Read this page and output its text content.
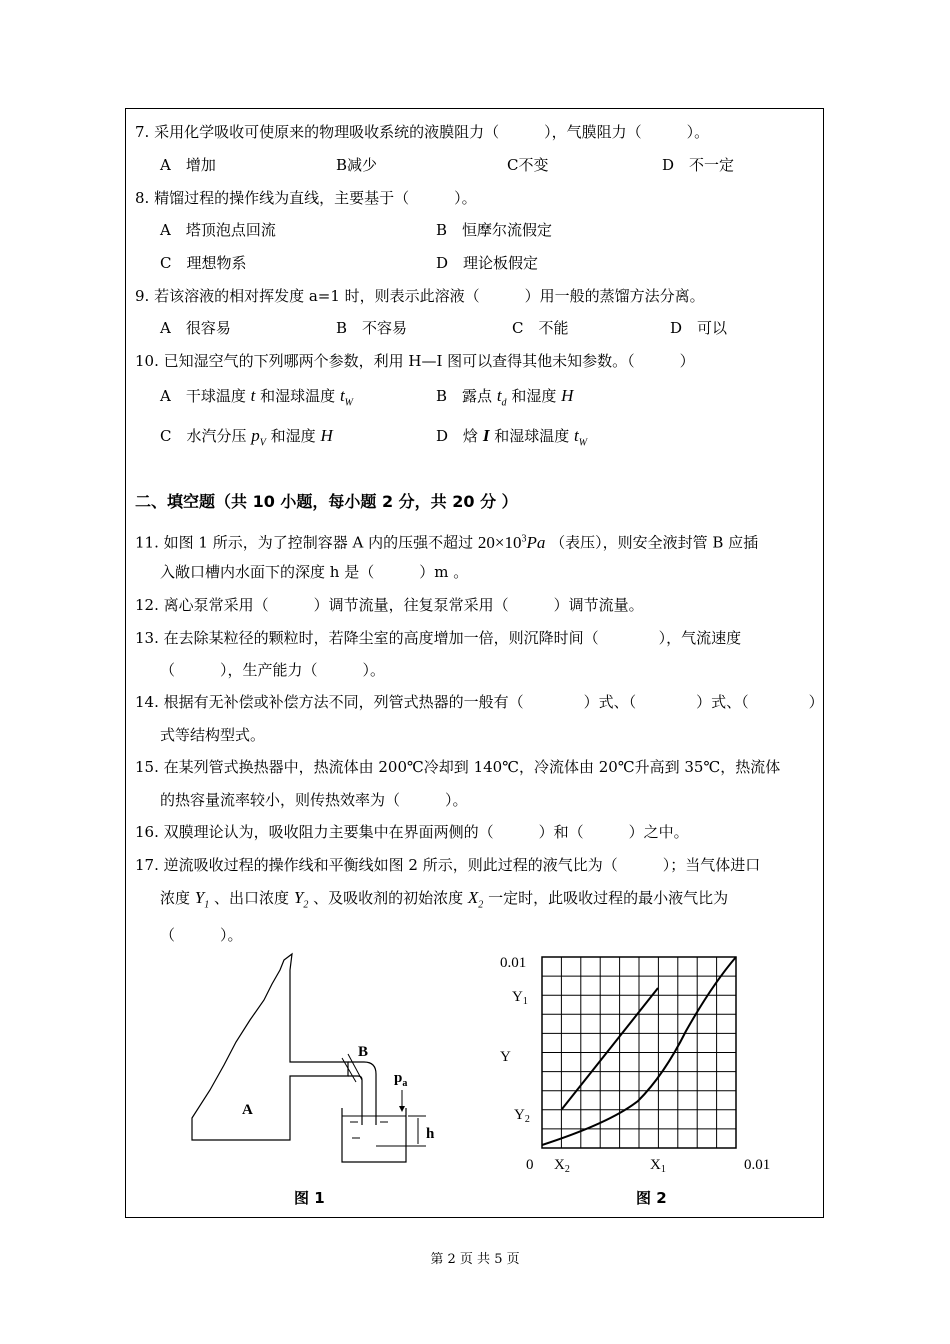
7. 采用化学吸收可使原来的物理吸收系统的液膜阻力（　　　），气膜阻力（　　　）。
A　增加	B减少	C不变	D　不一定
8. 精馏过程的操作线为直线，主要基于（　　　）。
A　塔顶泡点回流	B　恒摩尔流假定
C　理想物系	D　理论板假定
9. 若该溶液的相对挥发度 a=1 时，则表示此溶液（　　　）用一般的蒸馏方法分离。
A　很容易	B　不容易	C　不能	D　可以
10. 已知湿空气的下列哪两个参数，利用 H—I 图可以查得其他未知参数。（　　　）
A　干球温度 t 和湿球温度 $t_W$	B　露点 $t_d$ 和湿度 H
C　水汽分压 $p_V$ 和湿度 H	D　焓 I 和湿球温度 $t_W$
二、填空题（共 10 小题，每小题 2 分，共 20 分 ）
11. 如图 1 所示，为了控制容器 A 内的压强不超过 $20\times 10^3Pa$ （表压），则安全液封管 B 应插
入敞口槽内水面下的深度 h 是（　　　）m 。
12. 离心泵常采用（　　　）调节流量，往复泵常采用（　　　）调节流量。
13. 在去除某粒径的颗粒时，若降尘室的高度增加一倍，则沉降时间（　　　　），气流速度
（　　　），生产能力（　　　）。
14. 根据有无补偿或补偿方法不同，列管式热器的一般有（　　　　）式、（　　　　）式、（　　　　）
式等结构型式。
15. 在某列管式换热器中，热流体由 200℃冷却到 140℃，冷流体由 20℃升高到 35℃，热流体
的热容量流率较小，则传热效率为（　　　）。
16. 双膜理论认为，吸收阻力主要集中在界面两侧的（　　　）和（　　　）之中。
17. 逆流吸收过程的操作线和平衡线如图 2 所示，则此过程的液气比为（　　　）；当气体进口
浓度 $Y_1$ 、出口浓度 $Y_2$ 、及吸收剂的初始浓度 $X_2$ 一定时，此吸收过程的最小液气比为
（　　　）。
A
B
$p_a$
h
图 1
0.01
$Y_1$
Y
$Y_2$
0 $X_2$	$X_1$	0.01
图 2
第 2 页 共 5 页
